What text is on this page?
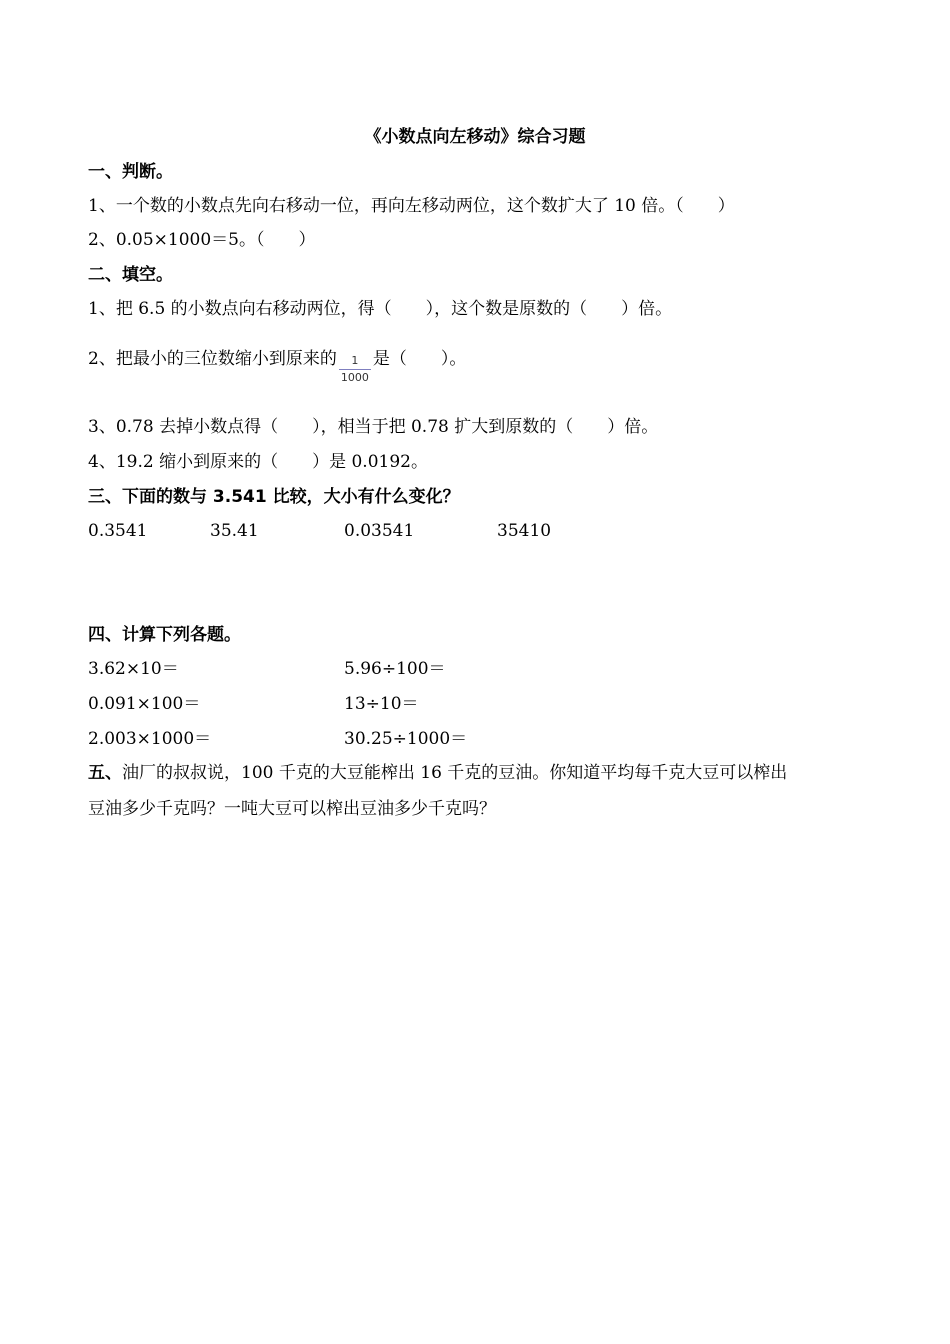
《小数点向左移动》综合习题
一、判断。
1、一个数的小数点先向右移动一位，再向左移动两位，这个数扩大了 10 倍。（　　）
2、0.05×1000＝5。（　　）
二、填空。
1、把 6.5 的小数点向右移动两位，得（　　），这个数是原数的（　　）倍。
2、把最小的三位数缩小到原来的 $\frac{1}{1000}$ 是（　　）。
3、0.78 去掉小数点得（　　），相当于把 0.78 扩大到原数的（　　）倍。
4、19.2 缩小到原来的（　　）是 0.0192。
三、下面的数与 3.541 比较，大小有什么变化？
0.3541	35.41	0.03541	35410
四、计算下列各题。
3.62×10＝	5.96÷100＝
0.091×100＝	13÷10＝
2.003×1000＝	30.25÷1000＝
五、油厂的叔叔说，100 千克的大豆能榨出 16 千克的豆油。你知道平均每千克大豆可以榨出
豆油多少千克吗？一吨大豆可以榨出豆油多少千克吗？
